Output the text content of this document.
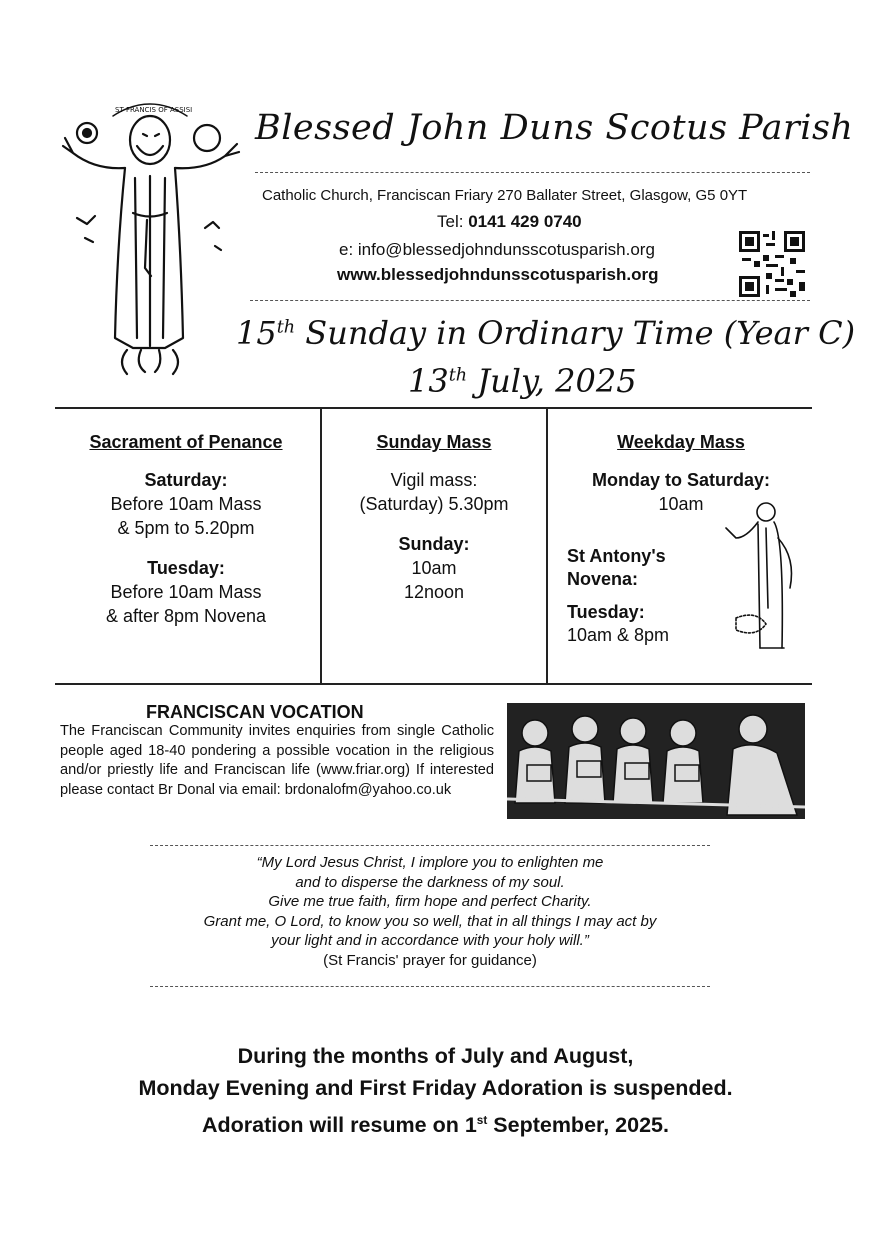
ST FRANCIS OF ASSISI Blessed John Duns Scotus Parish
Catholic Church, Franciscan Friary 270 Ballater Street, Glasgow, G5 0YT
Tel: 0141 429 0740
e: info@blessedjohndunsscotusparish.org
www.blessedjohndunsscotusparish.org
15th Sunday in Ordinary Time (Year C)
13th July, 2025
Sacrament of Penance
Saturday:
Before 10am Mass
& 5pm to 5.20pm
Tuesday:
Before 10am Mass
& after 8pm Novena
Sunday Mass
Vigil mass:
(Saturday) 5.30pm
Sunday:
10am
12noon
Weekday Mass
Monday to Saturday:
10am
St Antony's
Novena:
Tuesday:
10am & 8pm
FRANCISCAN VOCATION
The Franciscan Community invites enquiries from single Catholic people aged 18-40 pondering a possible vocation in the religious and/or priestly life and Franciscan life (www.friar.org) If interested please contact Br Donal via email: brdonalofm@yahoo.co.uk
“My Lord Jesus Christ, I implore you to enlighten me
and to disperse the darkness of my soul.
Give me true faith, firm hope and perfect Charity.
Grant me, O Lord, to know you so well, that in all things I may act by
your light and in accordance with your holy will.”
(St Francis' prayer for guidance)
During the months of July and August,
Monday Evening and First Friday Adoration is suspended.
Adoration will resume on 1st September, 2025.
